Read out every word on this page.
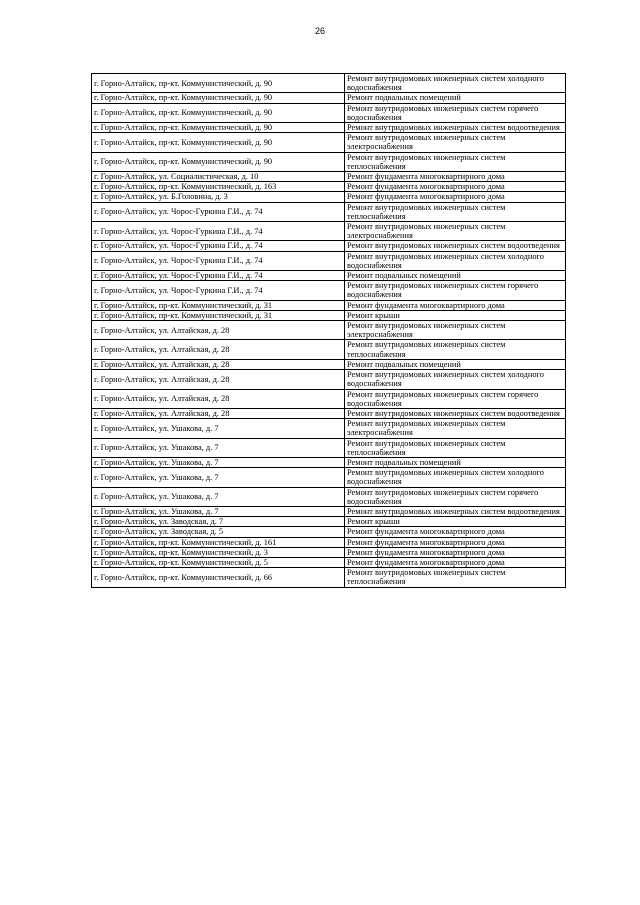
26
г. Горно-Алтайск, пр-кт. Коммунистический, д. 90	Ремонт внутридомовых инженерных систем холодного водоснабжения
г. Горно-Алтайск, пр-кт. Коммунистический, д. 90	Ремонт подвальных помещений
г. Горно-Алтайск, пр-кт. Коммунистический, д. 90	Ремонт внутридомовых инженерных систем горячего водоснабжения
г. Горно-Алтайск, пр-кт. Коммунистический, д. 90	Ремонт внутридомовых инженерных систем водоотведения
г. Горно-Алтайск, пр-кт. Коммунистический, д. 90	Ремонт внутридомовых инженерных систем электроснабжения
г. Горно-Алтайск, пр-кт. Коммунистический, д. 90	Ремонт внутридомовых инженерных систем теплоснабжения
г. Горно-Алтайск, ул. Социалистическая, д. 10	Ремонт фундамента многоквартирного дома
г. Горно-Алтайск, пр-кт. Коммунистический, д. 163	Ремонт фундамента многоквартирного дома
г. Горно-Алтайск, ул. Б.Головина, д. 3	Ремонт фундамента многоквартирного дома
г. Горно-Алтайск, ул. Чорос-Гуркина Г.И., д. 74	Ремонт внутридомовых инженерных систем теплоснабжения
г. Горно-Алтайск, ул. Чорос-Гуркина Г.И., д. 74	Ремонт внутридомовых инженерных систем электроснабжения
г. Горно-Алтайск, ул. Чорос-Гуркина Г.И., д. 74	Ремонт внутридомовых инженерных систем водоотведения
г. Горно-Алтайск, ул. Чорос-Гуркина Г.И., д. 74	Ремонт внутридомовых инженерных систем холодного водоснабжения
г. Горно-Алтайск, ул. Чорос-Гуркина Г.И., д. 74	Ремонт подвальных помещений
г. Горно-Алтайск, ул. Чорос-Гуркина Г.И., д. 74	Ремонт внутридомовых инженерных систем горячего водоснабжения
г. Горно-Алтайск, пр-кт. Коммунистический, д. 31	Ремонт фундамента многоквартирного дома
г. Горно-Алтайск, пр-кт. Коммунистический, д. 31	Ремонт крыши
г. Горно-Алтайск, ул. Алтайская, д. 28	Ремонт внутридомовых инженерных систем электроснабжения
г. Горно-Алтайск, ул. Алтайская, д. 28	Ремонт внутридомовых инженерных систем теплоснабжения
г. Горно-Алтайск, ул. Алтайская, д. 28	Ремонт подвальных помещений
г. Горно-Алтайск, ул. Алтайская, д. 28	Ремонт внутридомовых инженерных систем холодного водоснабжения
г. Горно-Алтайск, ул. Алтайская, д. 28	Ремонт внутридомовых инженерных систем горячего водоснабжения
г. Горно-Алтайск, ул. Алтайская, д. 28	Ремонт внутридомовых инженерных систем водоотведения
г. Горно-Алтайск, ул. Ушакова, д. 7	Ремонт внутридомовых инженерных систем электроснабжения
г. Горно-Алтайск, ул. Ушакова, д. 7	Ремонт внутридомовых инженерных систем теплоснабжения
г. Горно-Алтайск, ул. Ушакова, д. 7	Ремонт подвальных помещений
г. Горно-Алтайск, ул. Ушакова, д. 7	Ремонт внутридомовых инженерных систем холодного водоснабжения
г. Горно-Алтайск, ул. Ушакова, д. 7	Ремонт внутридомовых инженерных систем горячего водоснабжения
г. Горно-Алтайск, ул. Ушакова, д. 7	Ремонт внутридомовых инженерных систем водоотведения
г. Горно-Алтайск, ул. Заводская, д. 7	Ремонт крыши
г. Горно-Алтайск, ул. Заводская, д. 5	Ремонт фундамента многоквартирного дома
г. Горно-Алтайск, пр-кт. Коммунистический, д. 161	Ремонт фундамента многоквартирного дома
г. Горно-Алтайск, пр-кт. Коммунистический, д. 3	Ремонт фундамента многоквартирного дома
г. Горно-Алтайск, пр-кт. Коммунистический, д. 5	Ремонт фундамента многоквартирного дома
г. Горно-Алтайск, пр-кт. Коммунистический, д. 66	Ремонт внутридомовых инженерных систем теплоснабжения
